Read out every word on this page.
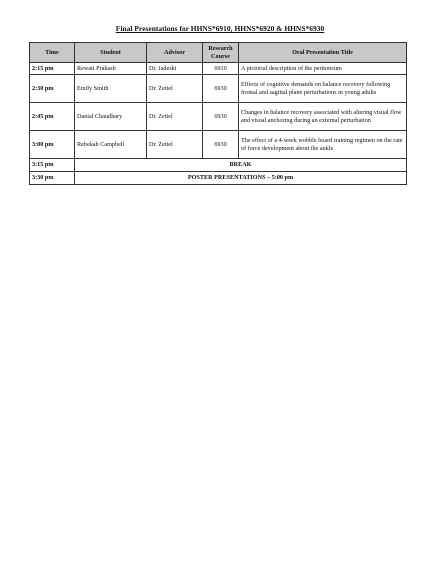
Final Presentations for HHNS*6910, HHNS*6920 & HHNS*6930
Time	Student	Advisor	Research Course	Oral Presentation Title
2:15 pm	Rewati Prakash	Dr. Jadeski	6910	A pictorial description of the peritoneum
2:30 pm	Emily Smith	Dr. Zettel	6930	Effects of cognitive demands on balance recovery following frontal and sagittal plane perturbations in young adults
2:45 pm	Danial Chaudhary	Dr. Zettel	6930	Changes in balance recovery associated with altering visual flow and visual anchoring during an external perturbation
3:00 pm	Rebekah Campbell	Dr. Zettel	6930	The effect of a 4-week wobble board training regimen on the rate of force development about the ankle
3:15 pm	BREAK			
3:30 pm	POSTER PRESENTATIONS – 5:00 pm			
